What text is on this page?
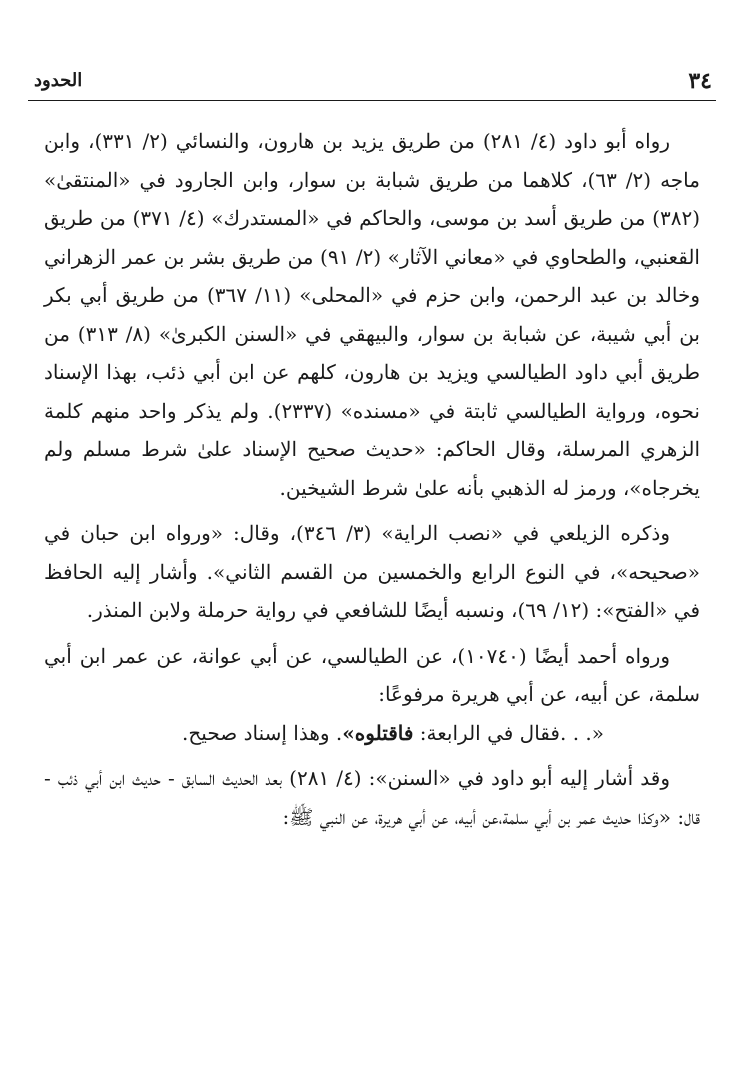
٣٤
الحدود

رواه أبو داود (٤/ ٢٨١) من طريق يزيد بن هارون، والنسائي (٢/ ٣٣١)، وابن ماجه (٢/ ٦٣)، كلاهما من طريق شبابة بن سوار، وابن الجارود في «المنتقىٰ» (٣٨٢) من طريق أسد بن موسى، والحاكم في «المستدرك» (٤/ ٣٧١) من طريق القعنبي، والطحاوي في «معاني الآثار» (٢/ ٩١) من طريق بشر بن عمر الزهراني وخالد بن عبد الرحمن، وابن حزم في «المحلى» (١١/ ٣٦٧) من طريق أبي بكر بن أبي شيبة، عن شبابة بن سوار، والبيهقي في «السنن الكبرىٰ» (٨/ ٣١٣) من طريق أبي داود الطيالسي ويزيد بن هارون، كلهم عن ابن أبي ذئب، بهذا الإسناد نحوه، ورواية الطيالسي ثابتة في «مسنده» (٢٣٣٧). ولم يذكر واحد منهم كلمة الزهري المرسلة، وقال الحاكم: «حديث صحيح الإسناد علىٰ شرط مسلم ولم يخرجاه»، ورمز له الذهبي بأنه علىٰ شرط الشيخين.

وذكره الزيلعي في «نصب الراية» (٣/ ٣٤٦)، وقال: «ورواه ابن حبان في «صحيحه»، في النوع الرابع والخمسين من القسم الثاني». وأشار إليه الحافظ في «الفتح»: (١٢/ ٦٩)، ونسبه أيضًا للشافعي في رواية حرملة ولابن المنذر.

ورواه أحمد أيضًا (١٠٧٤٠)، عن الطيالسي، عن أبي عوانة، عن عمر ابن أبي سلمة، عن أبيه، عن أبي هريرة مرفوعًا:

«. . .فقال في الرابعة: فاقتلوه». وهذا إسناد صحيح.

وقد أشار إليه أبو داود في «السنن»: (٤/ ٢٨١) بعد الحديث السابق - حديث ابن أبي ذئب - قال: «وكذا حديث عمر بن أبي سلمة،عن أبيه، عن أبي هريرة، عن النبي ﷺ:
